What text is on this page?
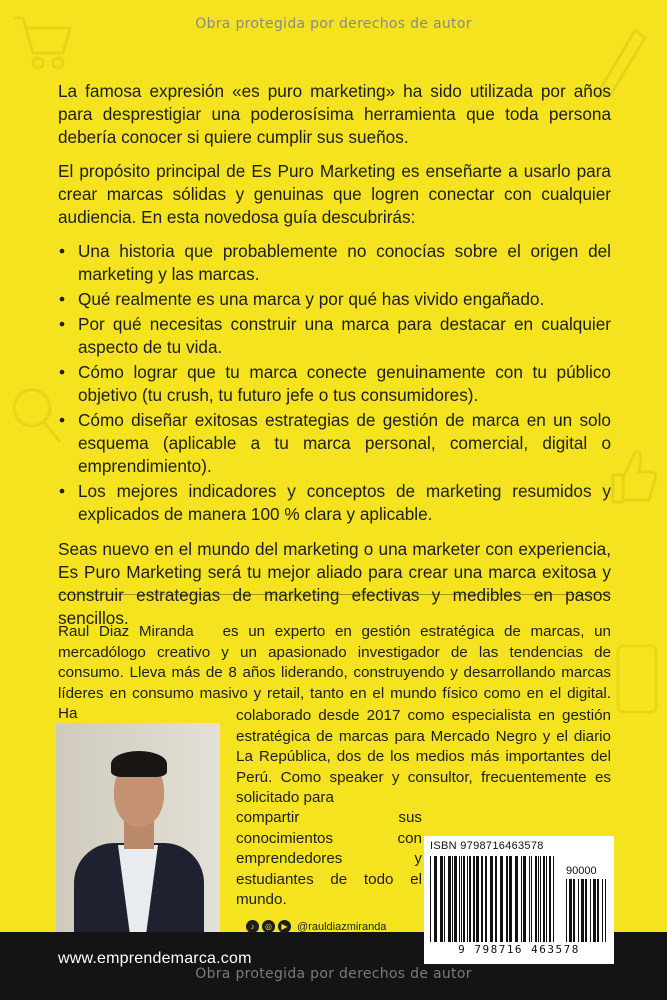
Obra protegida por derechos de autor

La famosa expresión «es puro marketing» ha sido utilizada por años para desprestigiar una poderosísima herramienta que toda persona debería conocer si quiere cumplir sus sueños.

El propósito principal de Es Puro Marketing es enseñarte a usarlo para crear marcas sólidas y genuinas que logren conectar con cualquier audiencia. En esta novedosa guía descubrirás:

• Una historia que probablemente no conocías sobre el origen del marketing y las marcas.
• Qué realmente es una marca y por qué has vivido engañado.
• Por qué necesitas construir una marca para destacar en cualquier aspecto de tu vida.
• Cómo lograr que tu marca conecte genuinamente con tu público objetivo (tu crush, tu futuro jefe o tus consumidores).
• Cómo diseñar exitosas estrategias de gestión de marca en un solo esquema (aplicable a tu marca personal, comercial, digital o emprendimiento).
• Los mejores indicadores y conceptos de marketing resumidos y explicados de manera 100 % clara y aplicable.

Seas nuevo en el mundo del marketing o una marketer con experiencia, Es Puro Marketing será tu mejor aliado para crear una marca exitosa y construir estrategias de marketing efectivas y medibles en pasos sencillos.

Raul Diaz Miranda es un experto en gestión estratégica de marcas, un mercadólogo creativo y un apasionado investigador de las tendencias de consumo. Lleva más de 8 años liderando, construyendo y desarrollando marcas líderes en consumo masivo y retail, tanto en el mundo físico como en el digital. Ha	colaborado desde 2017 como especialista en gestión estratégica de marcas para Mercado Negro y el diario La República, dos de los medios más importantes del Perú. Como speaker y consultor, frecuentemente es solicitado para
compartir sus conocimientos con emprendedores y estudiantes de todo el mundo.
♪	◎	▶ @rauldiazmiranda
www.emprendemarca.com
ISBN 9798716463578
90000
9 798716 463578
Obra protegida por derechos de autor
